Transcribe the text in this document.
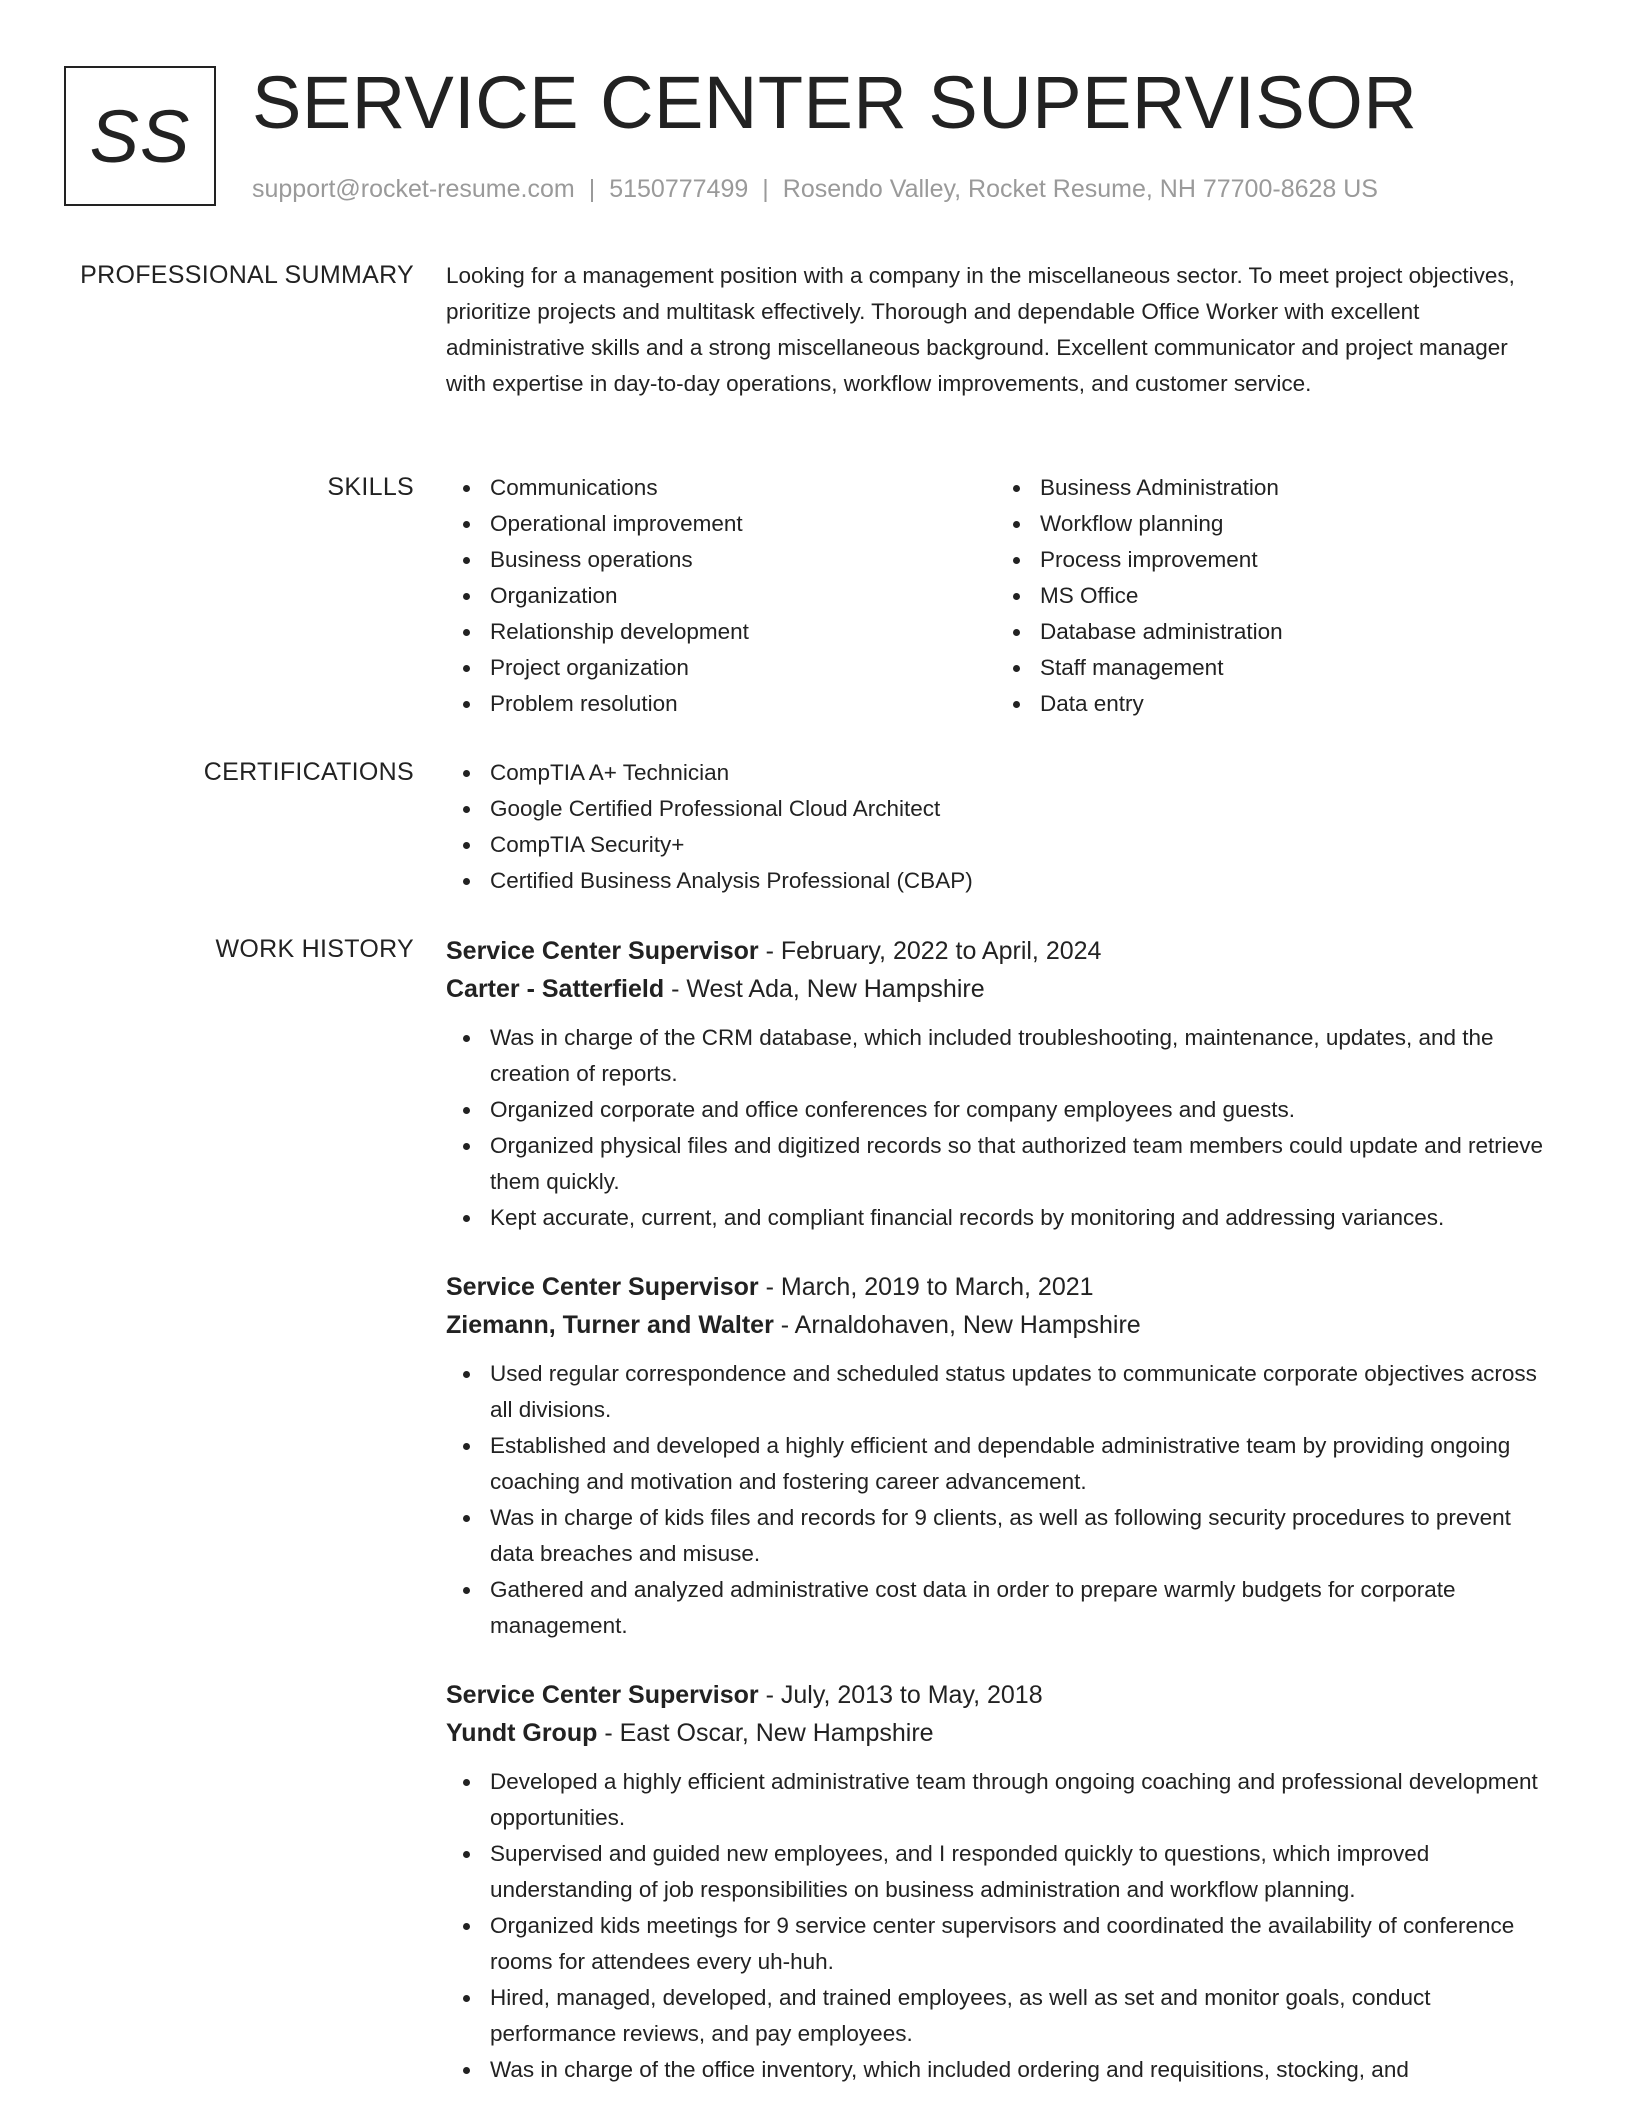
SS SERVICE CENTER SUPERVISOR
support@rocket-resume.com | 5150777499 | Rosendo Valley, Rocket Resume, NH 77700-8628 US
PROFESSIONAL SUMMARY Looking for a management position with a company in the miscellaneous sector. To meet project objectives, prioritize projects and multitask effectively. Thorough and dependable Office Worker with excellent administrative skills and a strong miscellaneous background. Excellent communicator and project manager with expertise in day-to-day operations, workflow improvements, and customer service.

SKILLS	Communications
Operational improvement
Business operations
Organization
Relationship development
Project organization
Problem resolution
Business Administration
Workflow planning
Process improvement
MS Office
Database administration
Staff management
Data entry
CERTIFICATIONS	CompTIA A+ Technician
Google Certified Professional Cloud Architect
CompTIA Security+
Certified Business Analysis Professional (CBAP)
WORK HISTORY Service Center Supervisor - February, 2022 to April, 2024
Carter - Satterfield - West Ada, New Hampshire
Was in charge of the CRM database, which included troubleshooting, maintenance, updates, and the creation of reports.
Organized corporate and office conferences for company employees and guests.
Organized physical files and digitized records so that authorized team members could update and retrieve them quickly.
Kept accurate, current, and compliant financial records by monitoring and addressing variances.
Service Center Supervisor - March, 2019 to March, 2021
Ziemann, Turner and Walter - Arnaldohaven, New Hampshire
Used regular correspondence and scheduled status updates to communicate corporate objectives across all divisions.
Established and developed a highly efficient and dependable administrative team by providing ongoing coaching and motivation and fostering career advancement.
Was in charge of kids files and records for 9 clients, as well as following security procedures to prevent data breaches and misuse.
Gathered and analyzed administrative cost data in order to prepare warmly budgets for corporate management.
Service Center Supervisor - July, 2013 to May, 2018
Yundt Group - East Oscar, New Hampshire
Developed a highly efficient administrative team through ongoing coaching and professional development opportunities.
Supervised and guided new employees, and I responded quickly to questions, which improved understanding of job responsibilities on business administration and workflow planning.
Organized kids meetings for 9 service center supervisors and coordinated the availability of conference rooms for attendees every uh-huh.
Hired, managed, developed, and trained employees, as well as set and monitor goals, conduct performance reviews, and pay employees.
Was in charge of the office inventory, which included ordering and requisitions, stocking, and
